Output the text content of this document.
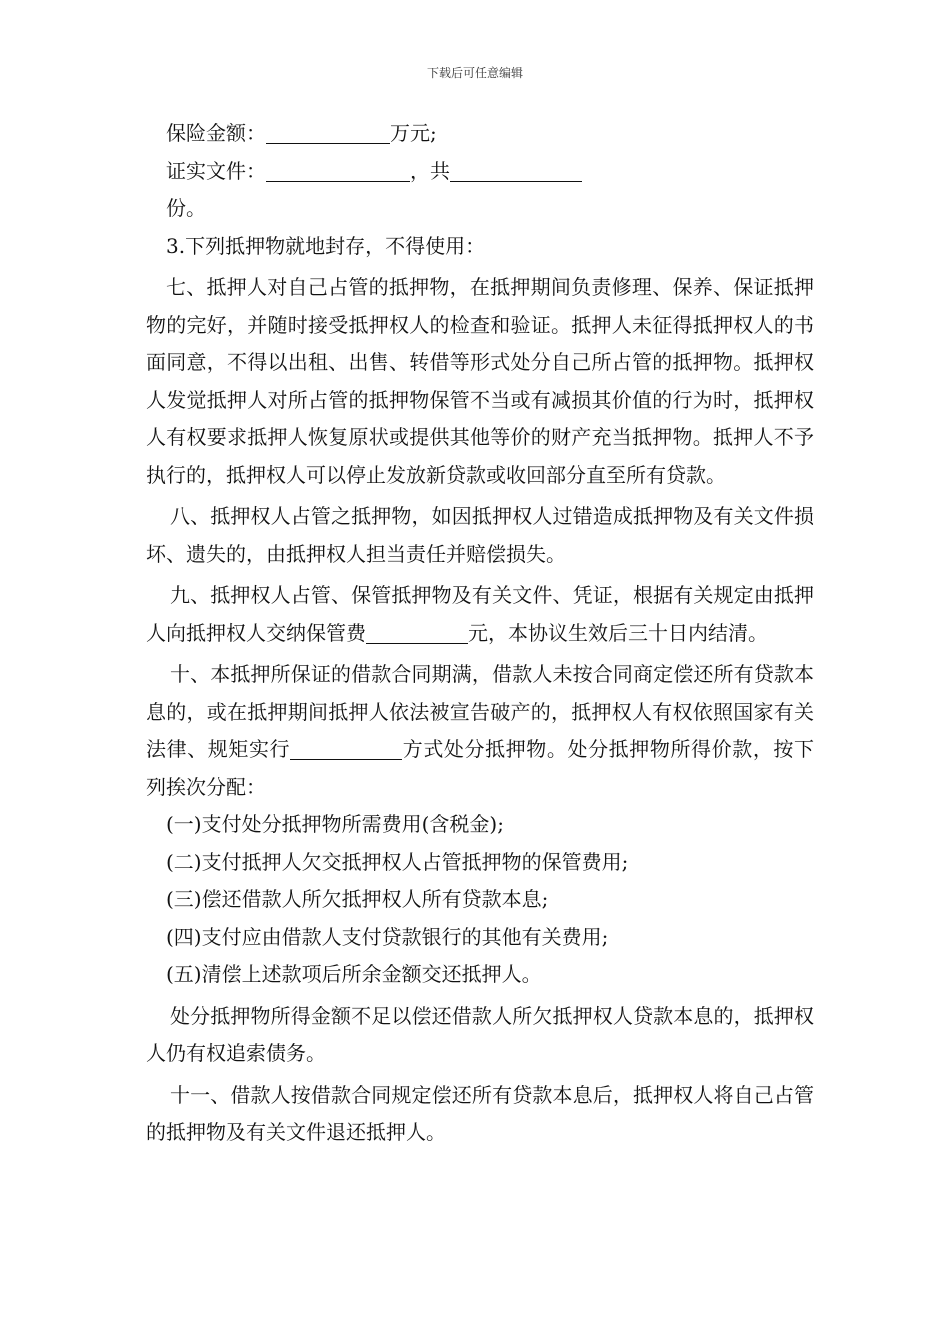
下载后可任意编辑

保险金额：	万元;

证实文件：	，共

份。

3.下列抵押物就地封存，不得使用：

七、抵押人对自己占管的抵押物，在抵押期间负责修理、保养、保证抵押物的完好，并随时接受抵押权人的检查和验证。抵押人未征得抵押权人的书面同意，不得以出租、出售、转借等形式处分自己所占管的抵押物。抵押权人发觉抵押人对所占管的抵押物保管不当或有减损其价值的行为时，抵押权人有权要求抵押人恢复原状或提供其他等价的财产充当抵押物。抵押人不予执行的，抵押权人可以停止发放新贷款或收回部分直至所有贷款。

八、抵押权人占管之抵押物，如因抵押权人过错造成抵押物及有关文件损坏、遗失的，由抵押权人担当责任并赔偿损失。

九、抵押权人占管、保管抵押物及有关文件、凭证，根据有关规定由抵押人向抵押权人交纳保管费	元，本协议生效后三十日内结清。

十、本抵押所保证的借款合同期满，借款人未按合同商定偿还所有贷款本息的，或在抵押期间抵押人依法被宣告破产的，抵押权人有权依照国家有关法律、规矩实行	方式处分抵押物。处分抵押物所得价款，按下列挨次分配：

(一)支付处分抵押物所需费用(含税金);

(二)支付抵押人欠交抵押权人占管抵押物的保管费用;

(三)偿还借款人所欠抵押权人所有贷款本息;

(四)支付应由借款人支付贷款银行的其他有关费用;

(五)清偿上述款项后所余金额交还抵押人。

处分抵押物所得金额不足以偿还借款人所欠抵押权人贷款本息的，抵押权人仍有权追索债务。

十一、借款人按借款合同规定偿还所有贷款本息后，抵押权人将自己占管的抵押物及有关文件退还抵押人。
